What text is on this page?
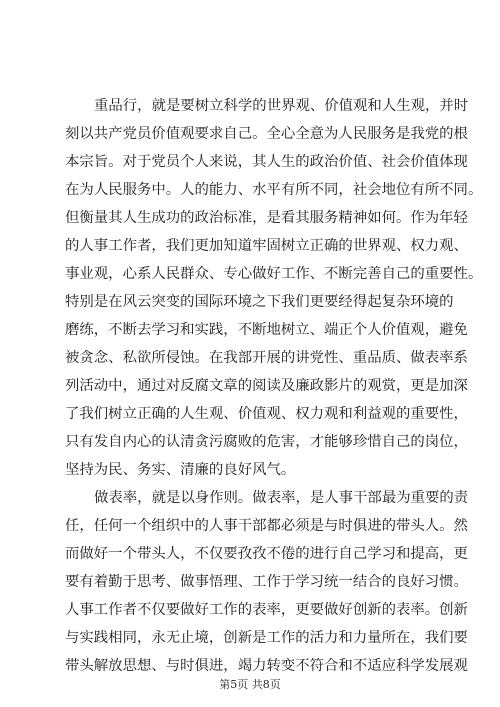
重品行，就是要树立科学的世界观、价值观和人生观，并时
刻以共产党员价值观要求自己。全心全意为人民服务是我党的根
本宗旨。对于党员个人来说，其人生的政治价值、社会价值体现
在为人民服务中。人的能力、水平有所不同，社会地位有所不同。
但衡量其人生成功的政治标准，是看其服务精神如何。作为年轻
的人事工作者，我们更加知道牢固树立正确的世界观、权力观、
事业观，心系人民群众、专心做好工作、不断完善自己的重要性。
特别是在风云突变的国际环境之下我们更要经得起复杂环境的
磨练，不断去学习和实践，不断地树立、端正个人价值观，避免
被贪念、私欲所侵蚀。在我部开展的讲党性、重品质、做表率系
列活动中，通过对反腐文章的阅读及廉政影片的观赏，更是加深
了我们树立正确的人生观、价值观、权力观和利益观的重要性，
只有发自内心的认清贪污腐败的危害，才能够珍惜自己的岗位，
坚持为民、务实、清廉的良好风气。
做表率，就是以身作则。做表率，是人事干部最为重要的责
任，任何一个组织中的人事干部都必须是与时俱进的带头人。然
而做好一个带头人，不仅要孜孜不倦的进行自己学习和提高，更
要有着勤于思考、做事悟理、工作于学习统一结合的良好习惯。
人事工作者不仅要做好工作的表率，更要做好创新的表率。创新
与实践相同，永无止境，创新是工作的活力和力量所在，我们要
带头解放思想、与时俱进，竭力转变不符合和不适应科学发展观
第5页 共8页
